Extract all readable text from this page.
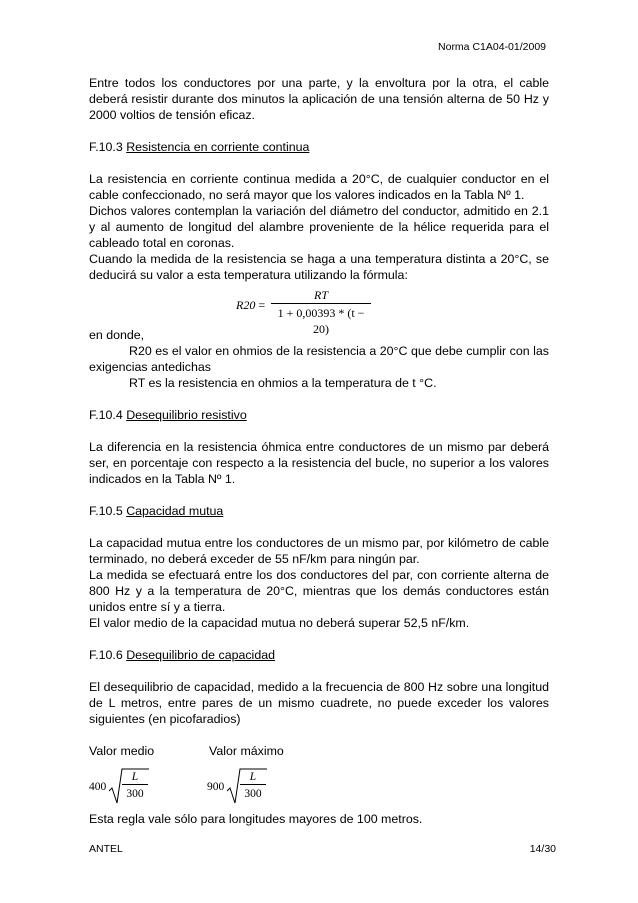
Norma C1A04-01/2009

Entre todos los conductores por una parte, y la envoltura por la otra, el cable deberá resistir durante dos minutos la aplicación de una tensión alterna de 50 Hz y 2000 voltios de tensión eficaz.

F.10.3 Resistencia en corriente continua

La resistencia en corriente continua medida a 20°C, de cualquier conductor en el cable confeccionado, no será mayor que los valores indicados en la Tabla Nº 1.

Dichos valores contemplan la variación del diámetro del conductor, admitido en 2.1 y al aumento de longitud del alambre proveniente de la hélice requerida para el cableado total en coronas.

Cuando la medida de la resistencia se haga a una temperatura distinta a 20°C, se deducirá su valor a esta temperatura utilizando la fórmula:

R20 =
RT
1 + 0,00393 * (t − 20)

en donde,

R20 es el valor en ohmios de la resistencia a 20°C que debe cumplir con las exigencias antedichas

RT es la resistencia en ohmios a la temperatura de t °C.

F.10.4 Desequilibrio resistivo

La diferencia en la resistencia óhmica entre conductores de un mismo par deberá ser, en porcentaje con respecto a la resistencia del bucle, no superior a los valores indicados en la Tabla Nº 1.

F.10.5 Capacidad mutua

La capacidad mutua entre los conductores de un mismo par, por kilómetro de cable terminado, no deberá exceder de 55 nF/km para ningún par.

La medida se efectuará entre los dos conductores del par, con corriente alterna de 800 Hz y a la temperatura de 20°C, mientras que los demás conductores están unidos entre sí y a tierra.

El valor medio de la capacidad mutua no deberá superar 52,5 nF/km.

F.10.6 Desequilibrio de capacidad

El desequilibrio de capacidad, medido a la frecuencia de 800 Hz sobre una longitud de L metros, entre pares de un mismo cuadrete, no puede exceder los valores siguientes (en picofaradios)

Valor medio	Valor máximo
400
L
300
900
L
300

Esta regla vale sólo para longitudes mayores de 100 metros.

ANTEL	14/30
